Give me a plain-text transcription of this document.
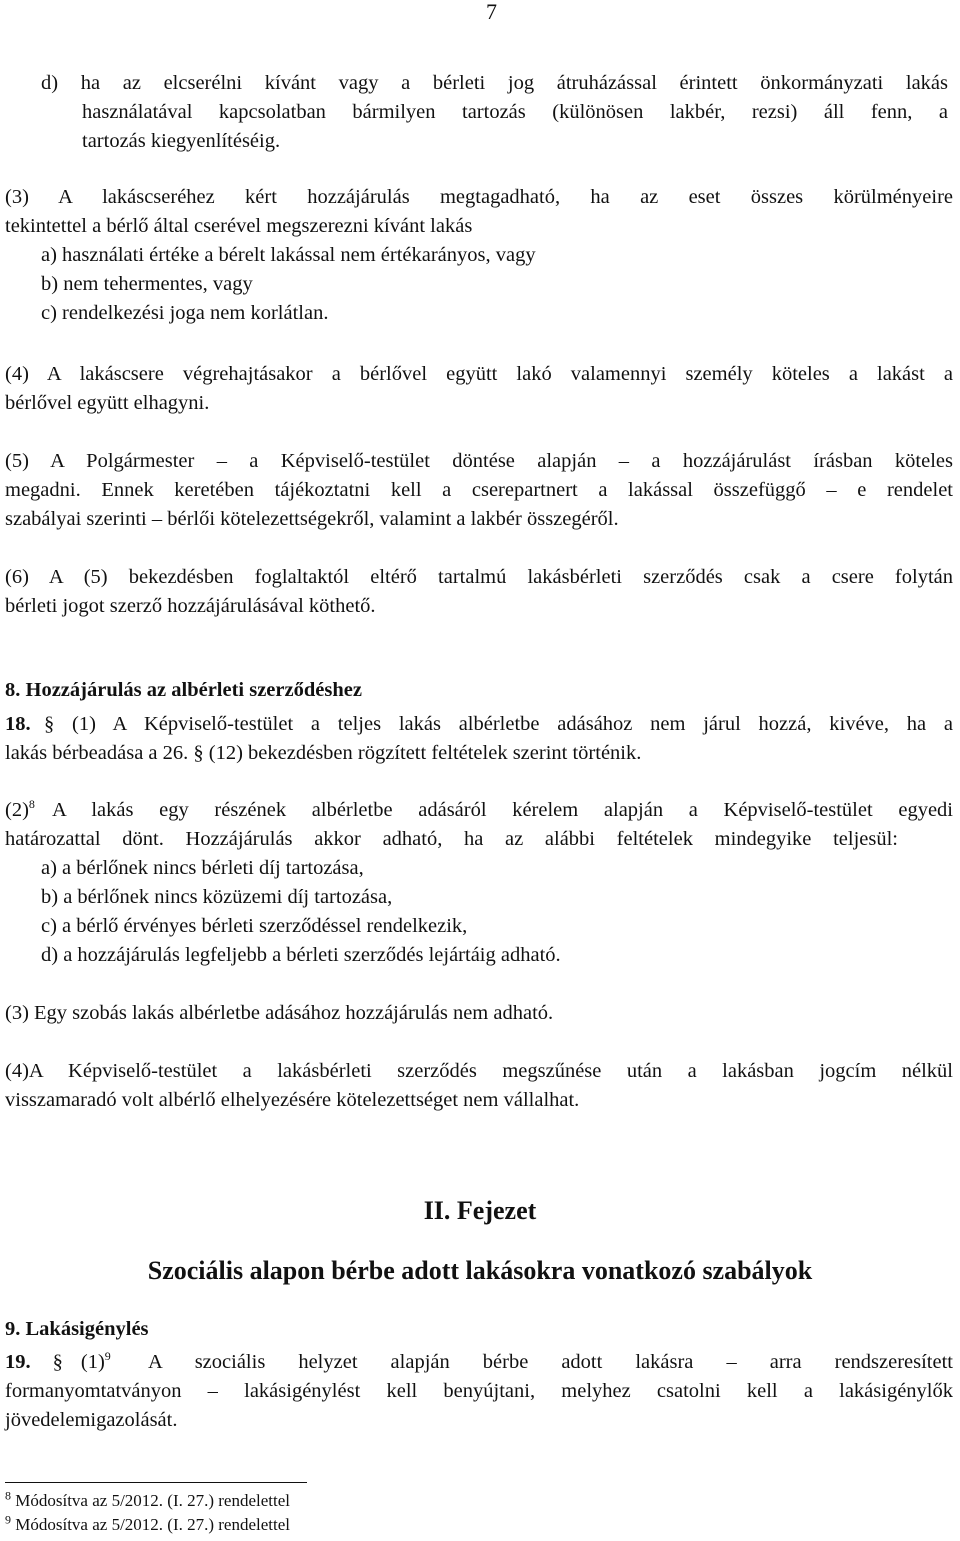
7
d) ha az elcserélni kívánt vagy a bérleti jog átruházással érintett önkormányzati lakás
használatával kapcsolatban bármilyen tartozás (különösen lakbér, rezsi) áll fenn, a
tartozás kiegyenlítéséig.
(3) A lakáscseréhez kért hozzájárulás megtagadható, ha az eset összes körülményeire
tekintettel a bérlő által cserével megszerezni kívánt lakás
a) használati értéke a bérelt lakással nem értékarányos, vagy
b) nem tehermentes, vagy
c) rendelkezési joga nem korlátlan.
(4) A lakáscsere végrehajtásakor a bérlővel együtt lakó valamennyi személy köteles a lakást a
bérlővel együtt elhagyni.
(5) A Polgármester – a Képviselő-testület döntése alapján – a hozzájárulást írásban köteles
megadni. Ennek keretében tájékoztatni kell a cserepartnert a lakással összefüggő – e rendelet
szabályai szerinti – bérlői kötelezettségekről, valamint a lakbér összegéről.
(6) A (5) bekezdésben foglaltaktól eltérő tartalmú lakásbérleti szerződés csak a csere folytán
bérleti jogot szerző hozzájárulásával köthető.
8. Hozzájárulás az albérleti szerződéshez
18. § (1) A Képviselő-testület a teljes lakás albérletbe adásához nem járul hozzá, kivéve, ha a
lakás bérbeadása a 26. § (12) bekezdésben rögzített feltételek szerint történik.
$(2)^8$ A lakás egy részének albérletbe adásáról kérelem alapján a Képviselő-testület egyedi
határozattal dönt. Hozzájárulás akkor adható, ha az alábbi feltételek mindegyike teljesül:
a) a bérlőnek nincs bérleti díj tartozása,
b) a bérlőnek nincs közüzemi díj tartozása,
c) a bérlő érvényes bérleti szerződéssel rendelkezik,
d) a hozzájárulás legfeljebb a bérleti szerződés lejártáig adható.
(3) Egy szobás lakás albérletbe adásához hozzájárulás nem adható.
(4)A Képviselő-testület a lakásbérleti szerződés megszűnése után a lakásban jogcím nélkül
visszamaradó volt albérlő elhelyezésére kötelezettséget nem vállalhat.
II. Fejezet
Szociális alapon bérbe adott lakásokra vonatkozó szabályok
9. Lakásigénylés
19. § $(1)^9$ A szociális helyzet alapján bérbe adott lakásra – arra rendszeresített
formanyomtatványon – lakásigénylést kell benyújtani, melyhez csatolni kell a lakásigénylők
jövedelemigazolását.
$^8$ Módosítva az 5/2012. (I. 27.) rendelettel
$^9$ Módosítva az 5/2012. (I. 27.) rendelettel
